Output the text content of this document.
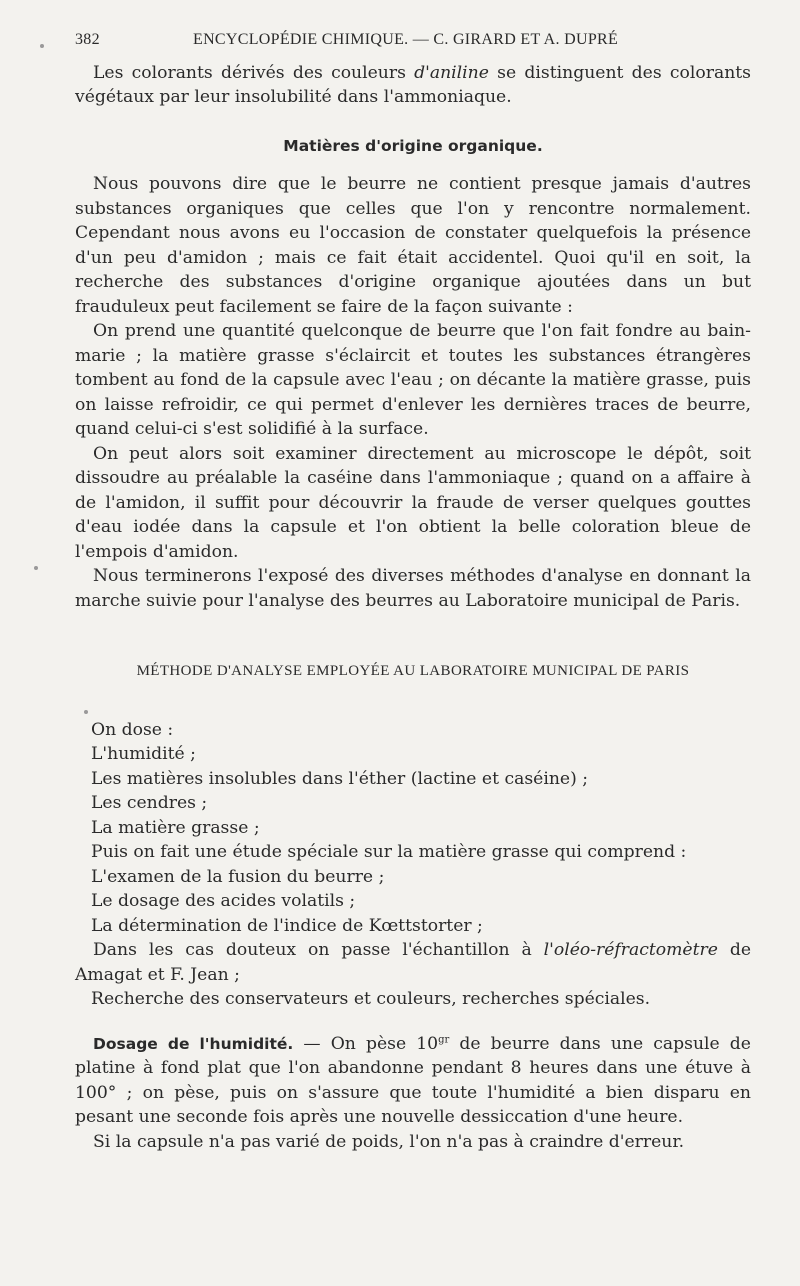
382	ENCYCLOPÉDIE CHIMIQUE. — C. GIRARD ET A. DUPRÉ

Les colorants dérivés des couleurs d'aniline se distinguent des colorants végétaux par leur insolubilité dans l'ammoniaque.

Matières d'origine organique.

Nous pouvons dire que le beurre ne contient presque jamais d'autres substances organiques que celles que l'on y rencontre normalement. Cependant nous avons eu l'occasion de constater quelquefois la présence d'un peu d'amidon ; mais ce fait était accidentel. Quoi qu'il en soit, la recherche des substances d'origine organique ajoutées dans un but frauduleux peut facilement se faire de la façon suivante :

On prend une quantité quelconque de beurre que l'on fait fondre au bain-marie ; la matière grasse s'éclaircit et toutes les substances étrangères tombent au fond de la capsule avec l'eau ; on décante la matière grasse, puis on laisse refroidir, ce qui permet d'enlever les dernières traces de beurre, quand celui-ci s'est solidifié à la surface.

On peut alors soit examiner directement au microscope le dépôt, soit dissoudre au préalable la caséine dans l'ammoniaque ; quand on a affaire à de l'amidon, il suffit pour découvrir la fraude de verser quelques gouttes d'eau iodée dans la capsule et l'on obtient la belle coloration bleue de l'empois d'amidon.

Nous terminerons l'exposé des diverses méthodes d'analyse en donnant la marche suivie pour l'analyse des beurres au Laboratoire municipal de Paris.

MÉTHODE D'ANALYSE EMPLOYÉE AU LABORATOIRE MUNICIPAL DE PARIS
On dose :
L'humidité ;
Les matières insolubles dans l'éther (lactine et caséine) ;
Les cendres ;
La matière grasse ;
Puis on fait une étude spéciale sur la matière grasse qui comprend :
L'examen de la fusion du beurre ;
Le dosage des acides volatils ;
La détermination de l'indice de Kœttstorter ;

Dans les cas douteux on passe l'échantillon à l'oléo-réfractomètre de Amagat et F. Jean ;

Recherche des conservateurs et couleurs, recherches spéciales.

Dosage de l'humidité. — On pèse $10^{gr}$ de beurre dans une capsule de platine à fond plat que l'on abandonne pendant 8 heures dans une étuve à 100° ; on pèse, puis on s'assure que toute l'humidité a bien disparu en pesant une seconde fois après une nouvelle dessiccation d'une heure.

Si la capsule n'a pas varié de poids, l'on n'a pas à craindre d'erreur.
